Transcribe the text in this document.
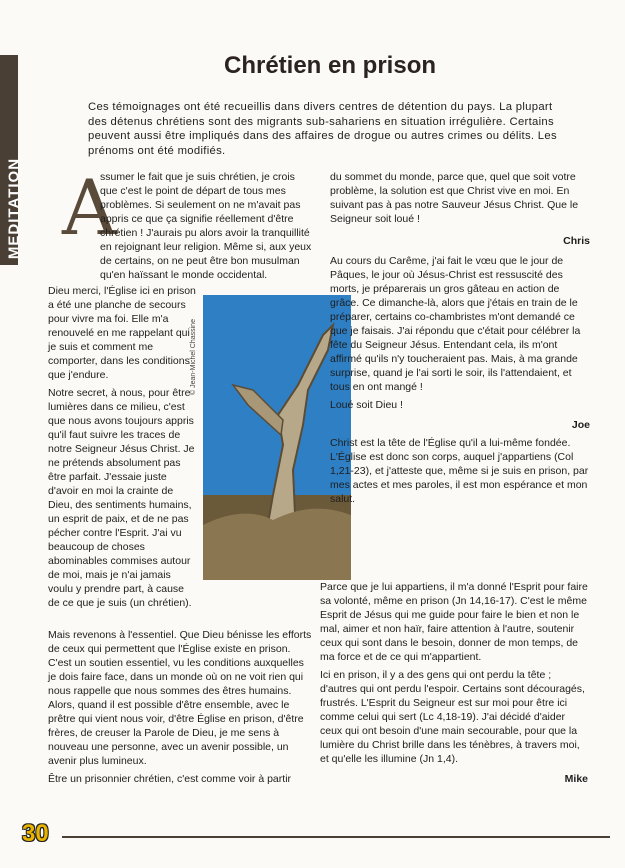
MEDITATION
Chrétien en prison
Ces témoignages ont été recueillis dans divers centres de détention du pays. La plupart des détenus chrétiens sont des migrants sub-sahariens en situation irrégulière. Certains peuvent aussi être impliqués dans des affaires de drogue ou autres crimes ou délits. Les prénoms ont été modifiés.
A

ssumer le fait que je suis chrétien, je crois que c'est le point de départ de tous mes problèmes. Si seulement on ne m'avait pas appris ce que ça signifie réellement d'être chrétien ! J'aurais pu alors avoir la tranquillité en rejoignant leur religion. Même si, aux yeux de certains, on ne peut être bon musulman qu'en haïssant le monde occidental.

Dieu merci, l'Église ici en prison a été une planche de secours pour vivre ma foi. Elle m'a renouvelé en me rappelant qui je suis et comment me comporter, dans les conditions que j'endure.

Notre secret, à nous, pour être lumières dans ce milieu, c'est que nous avons toujours appris qu'il faut suivre les traces de notre Seigneur Jésus Christ. Je ne prétends absolument pas être parfait. J'essaie juste d'avoir en moi la crainte de Dieu, des sentiments humains, un esprit de paix, et de ne pas pécher contre l'Esprit. J'ai vu beaucoup de choses abominables commises autour de moi, mais je n'ai jamais voulu y prendre part, à cause de ce que je suis (un chrétien).

Mais revenons à l'essentiel. Que Dieu bénisse les efforts de ceux qui permettent que l'Église existe en prison. C'est un soutien essentiel, vu les conditions auxquelles je dois faire face, dans un monde où on ne voit rien qui nous rappelle que nous sommes des êtres humains. Alors, quand il est possible d'être ensemble, avec le prêtre qui vient nous voir, d'être Église en prison, d'être frères, de creuser la Parole de Dieu, je me sens à nouveau une personne, avec un avenir possible, un avenir plus lumineux.

Être un prisonnier chrétien, c'est comme voir à partir

© Jean-Michel Chassine

du sommet du monde, parce que, quel que soit votre problème, la solution est que Christ vive en moi. En suivant pas à pas notre Sauveur Jésus Christ. Que le Seigneur soit loué !

Chris

Au cours du Carême, j'ai fait le vœu que le jour de Pâques, le jour où Jésus-Christ est ressuscité des morts, je préparerais un gros gâteau en action de grâce. Ce dimanche-là, alors que j'étais en train de le préparer, certains co-chambristes m'ont demandé ce que je faisais. J'ai répondu que c'était pour célébrer la fête du Seigneur Jésus. Entendant cela, ils m'ont affirmé qu'ils n'y toucheraient pas. Mais, à ma grande surprise, quand je l'ai sorti le soir, ils l'attendaient, et tous en ont mangé !

Loué soit Dieu !

Joe

Christ est la tête de l'Église qu'il a lui-même fondée. L'Église est donc son corps, auquel j'appartiens (Col 1,21-23), et j'atteste que, même si je suis en prison, par mes actes et mes paroles, il est mon espérance et mon salut.

Parce que je lui appartiens, il m'a donné l'Esprit pour faire sa volonté, même en prison (Jn 14,16-17). C'est le même Esprit de Jésus qui me guide pour faire le bien et non le mal, aimer et non haïr, faire attention à l'autre, soutenir ceux qui sont dans le besoin, donner de mon temps, de ma force et de ce qui m'appartient.

Ici en prison, il y a des gens qui ont perdu la tête ; d'autres qui ont perdu l'espoir. Certains sont découragés, frustrés. L'Esprit du Seigneur est sur moi pour être ici comme celui qui sert (Lc 4,18-19). J'ai décidé d'aider ceux qui ont besoin d'une main secourable, pour que la lumière du Christ brille dans les ténèbres, à travers moi, et qu'elle les illumine (Jn 1,4).

Mike

30
